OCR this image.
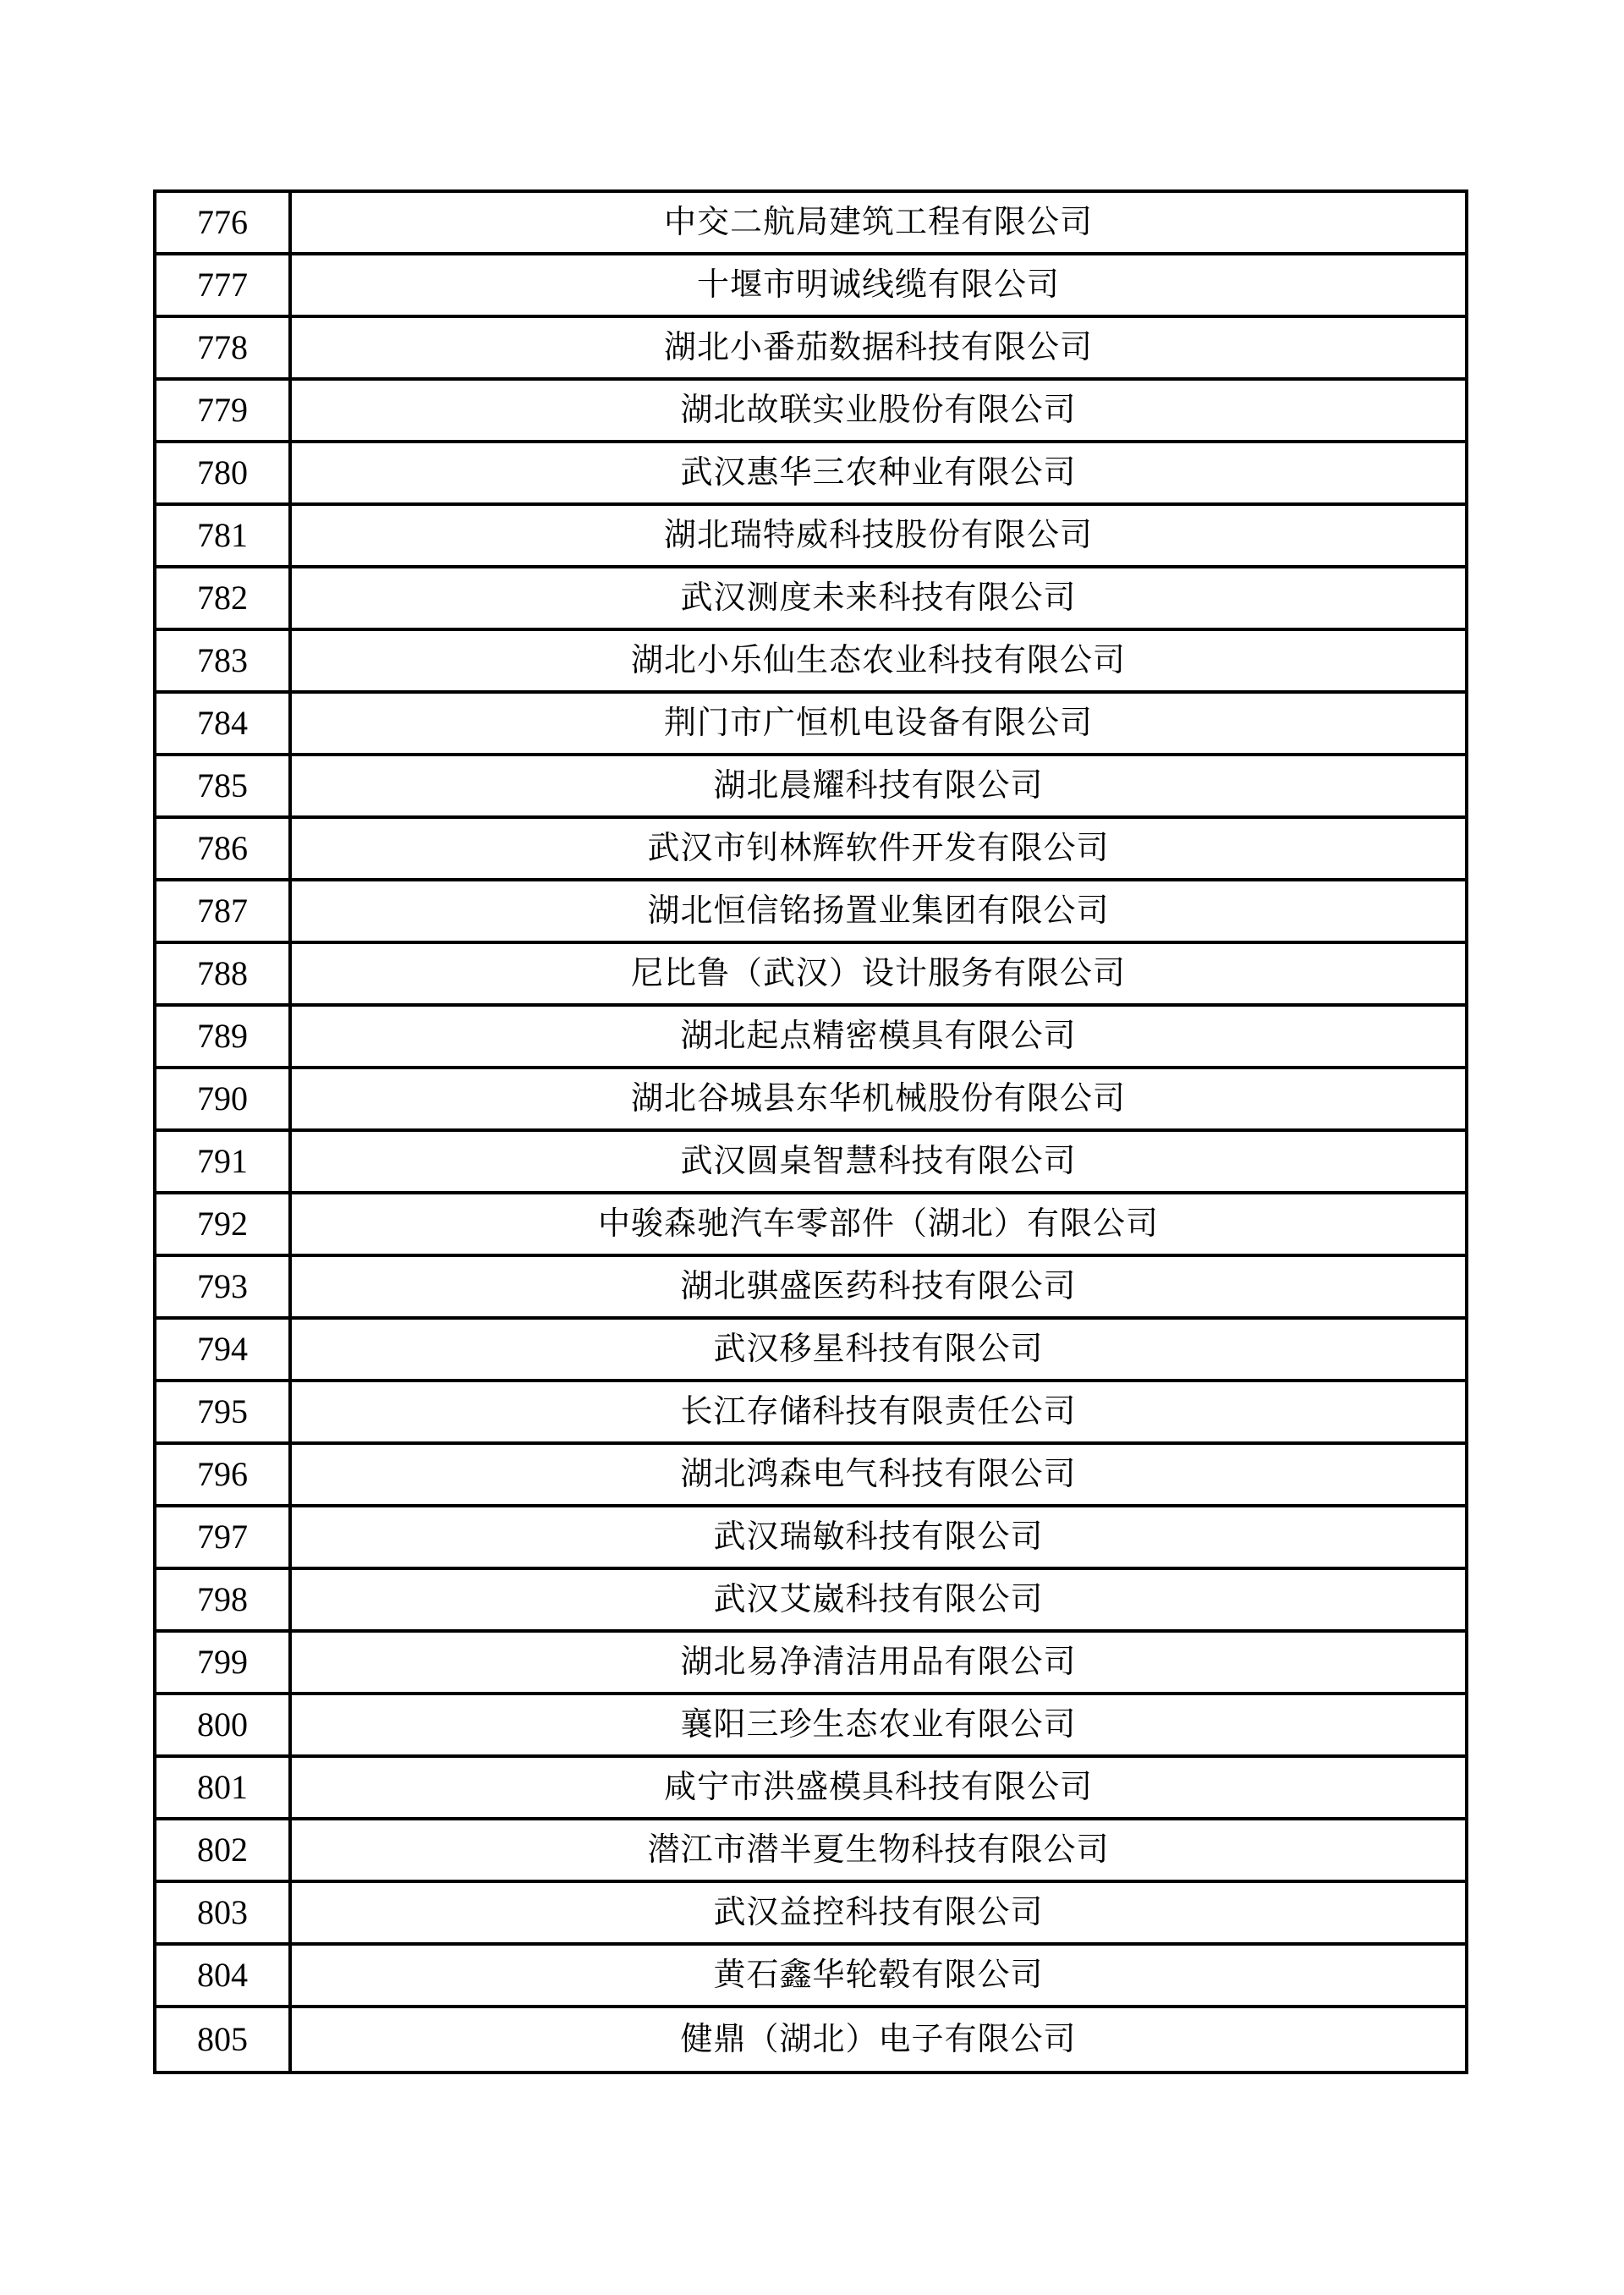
776	中交二航局建筑工程有限公司
777	十堰市明诚线缆有限公司
778	湖北小番茄数据科技有限公司
779	湖北故联实业股份有限公司
780	武汉惠华三农种业有限公司
781	湖北瑞特威科技股份有限公司
782	武汉测度未来科技有限公司
783	湖北小乐仙生态农业科技有限公司
784	荆门市广恒机电设备有限公司
785	湖北晨耀科技有限公司
786	武汉市钊林辉软件开发有限公司
787	湖北恒信铭扬置业集团有限公司
788	尼比鲁（武汉）设计服务有限公司
789	湖北起点精密模具有限公司
790	湖北谷城县东华机械股份有限公司
791	武汉圆桌智慧科技有限公司
792	中骏森驰汽车零部件（湖北）有限公司
793	湖北骐盛医药科技有限公司
794	武汉移星科技有限公司
795	长江存储科技有限责任公司
796	湖北鸿森电气科技有限公司
797	武汉瑞敏科技有限公司
798	武汉艾崴科技有限公司
799	湖北易净清洁用品有限公司
800	襄阳三珍生态农业有限公司
801	咸宁市洪盛模具科技有限公司
802	潜江市潜半夏生物科技有限公司
803	武汉益控科技有限公司
804	黄石鑫华轮毂有限公司
805	健鼎（湖北）电子有限公司
